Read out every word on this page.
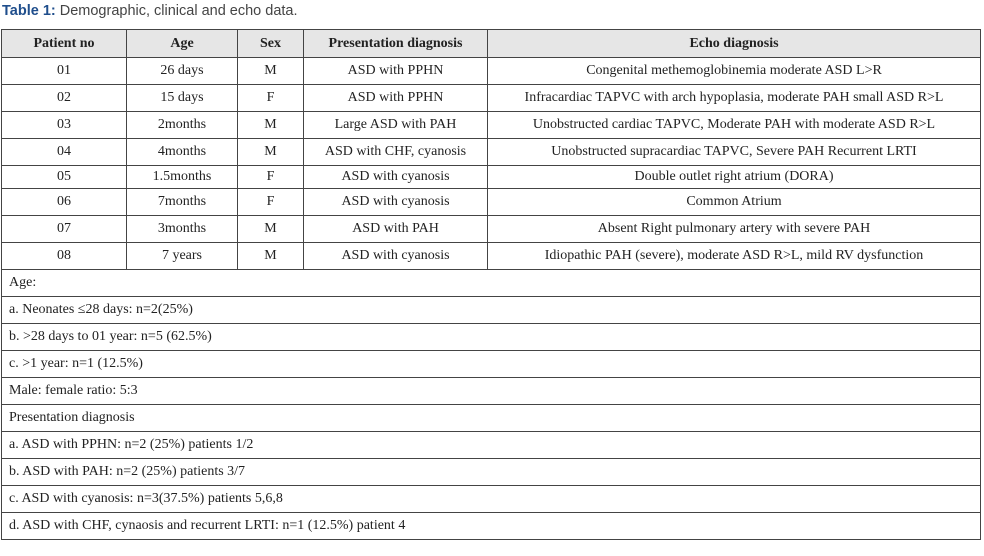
Table 1: Demographic, clinical and echo data.
Patient no	Age	Sex	Presentation diagnosis	Echo diagnosis
01	26 days	M	ASD with PPHN	Congenital methemoglobinemia moderate ASD L>R
02	15 days	F	ASD with PPHN	Infracardiac TAPVC with arch hypoplasia, moderate PAH small ASD R>L
03	2months	M	Large ASD with PAH	Unobstructed cardiac TAPVC, Moderate PAH with moderate ASD R>L
04	4months	M	ASD with CHF, cyanosis	Unobstructed supracardiac TAPVC, Severe PAH Recurrent LRTI
05	1.5months	F	ASD with cyanosis	Double outlet right atrium (DORA)
06	7months	F	ASD with cyanosis	Common Atrium
07	3months	M	ASD with PAH	Absent Right pulmonary artery with severe PAH
08	7 years	M	ASD with cyanosis	Idiopathic PAH (severe), moderate ASD R>L, mild RV dysfunction
Age:				
a. Neonates ≤28 days: n=2(25%)				
b. >28 days to 01 year: n=5 (62.5%)				
c. >1 year: n=1 (12.5%)				
Male: female ratio: 5:3				
Presentation diagnosis				
a. ASD with PPHN: n=2 (25%) patients 1/2				
b. ASD with PAH: n=2 (25%) patients 3/7				
c. ASD with cyanosis: n=3(37.5%) patients 5,6,8				
d. ASD with CHF, cynaosis and recurrent LRTI: n=1 (12.5%) patient 4				
